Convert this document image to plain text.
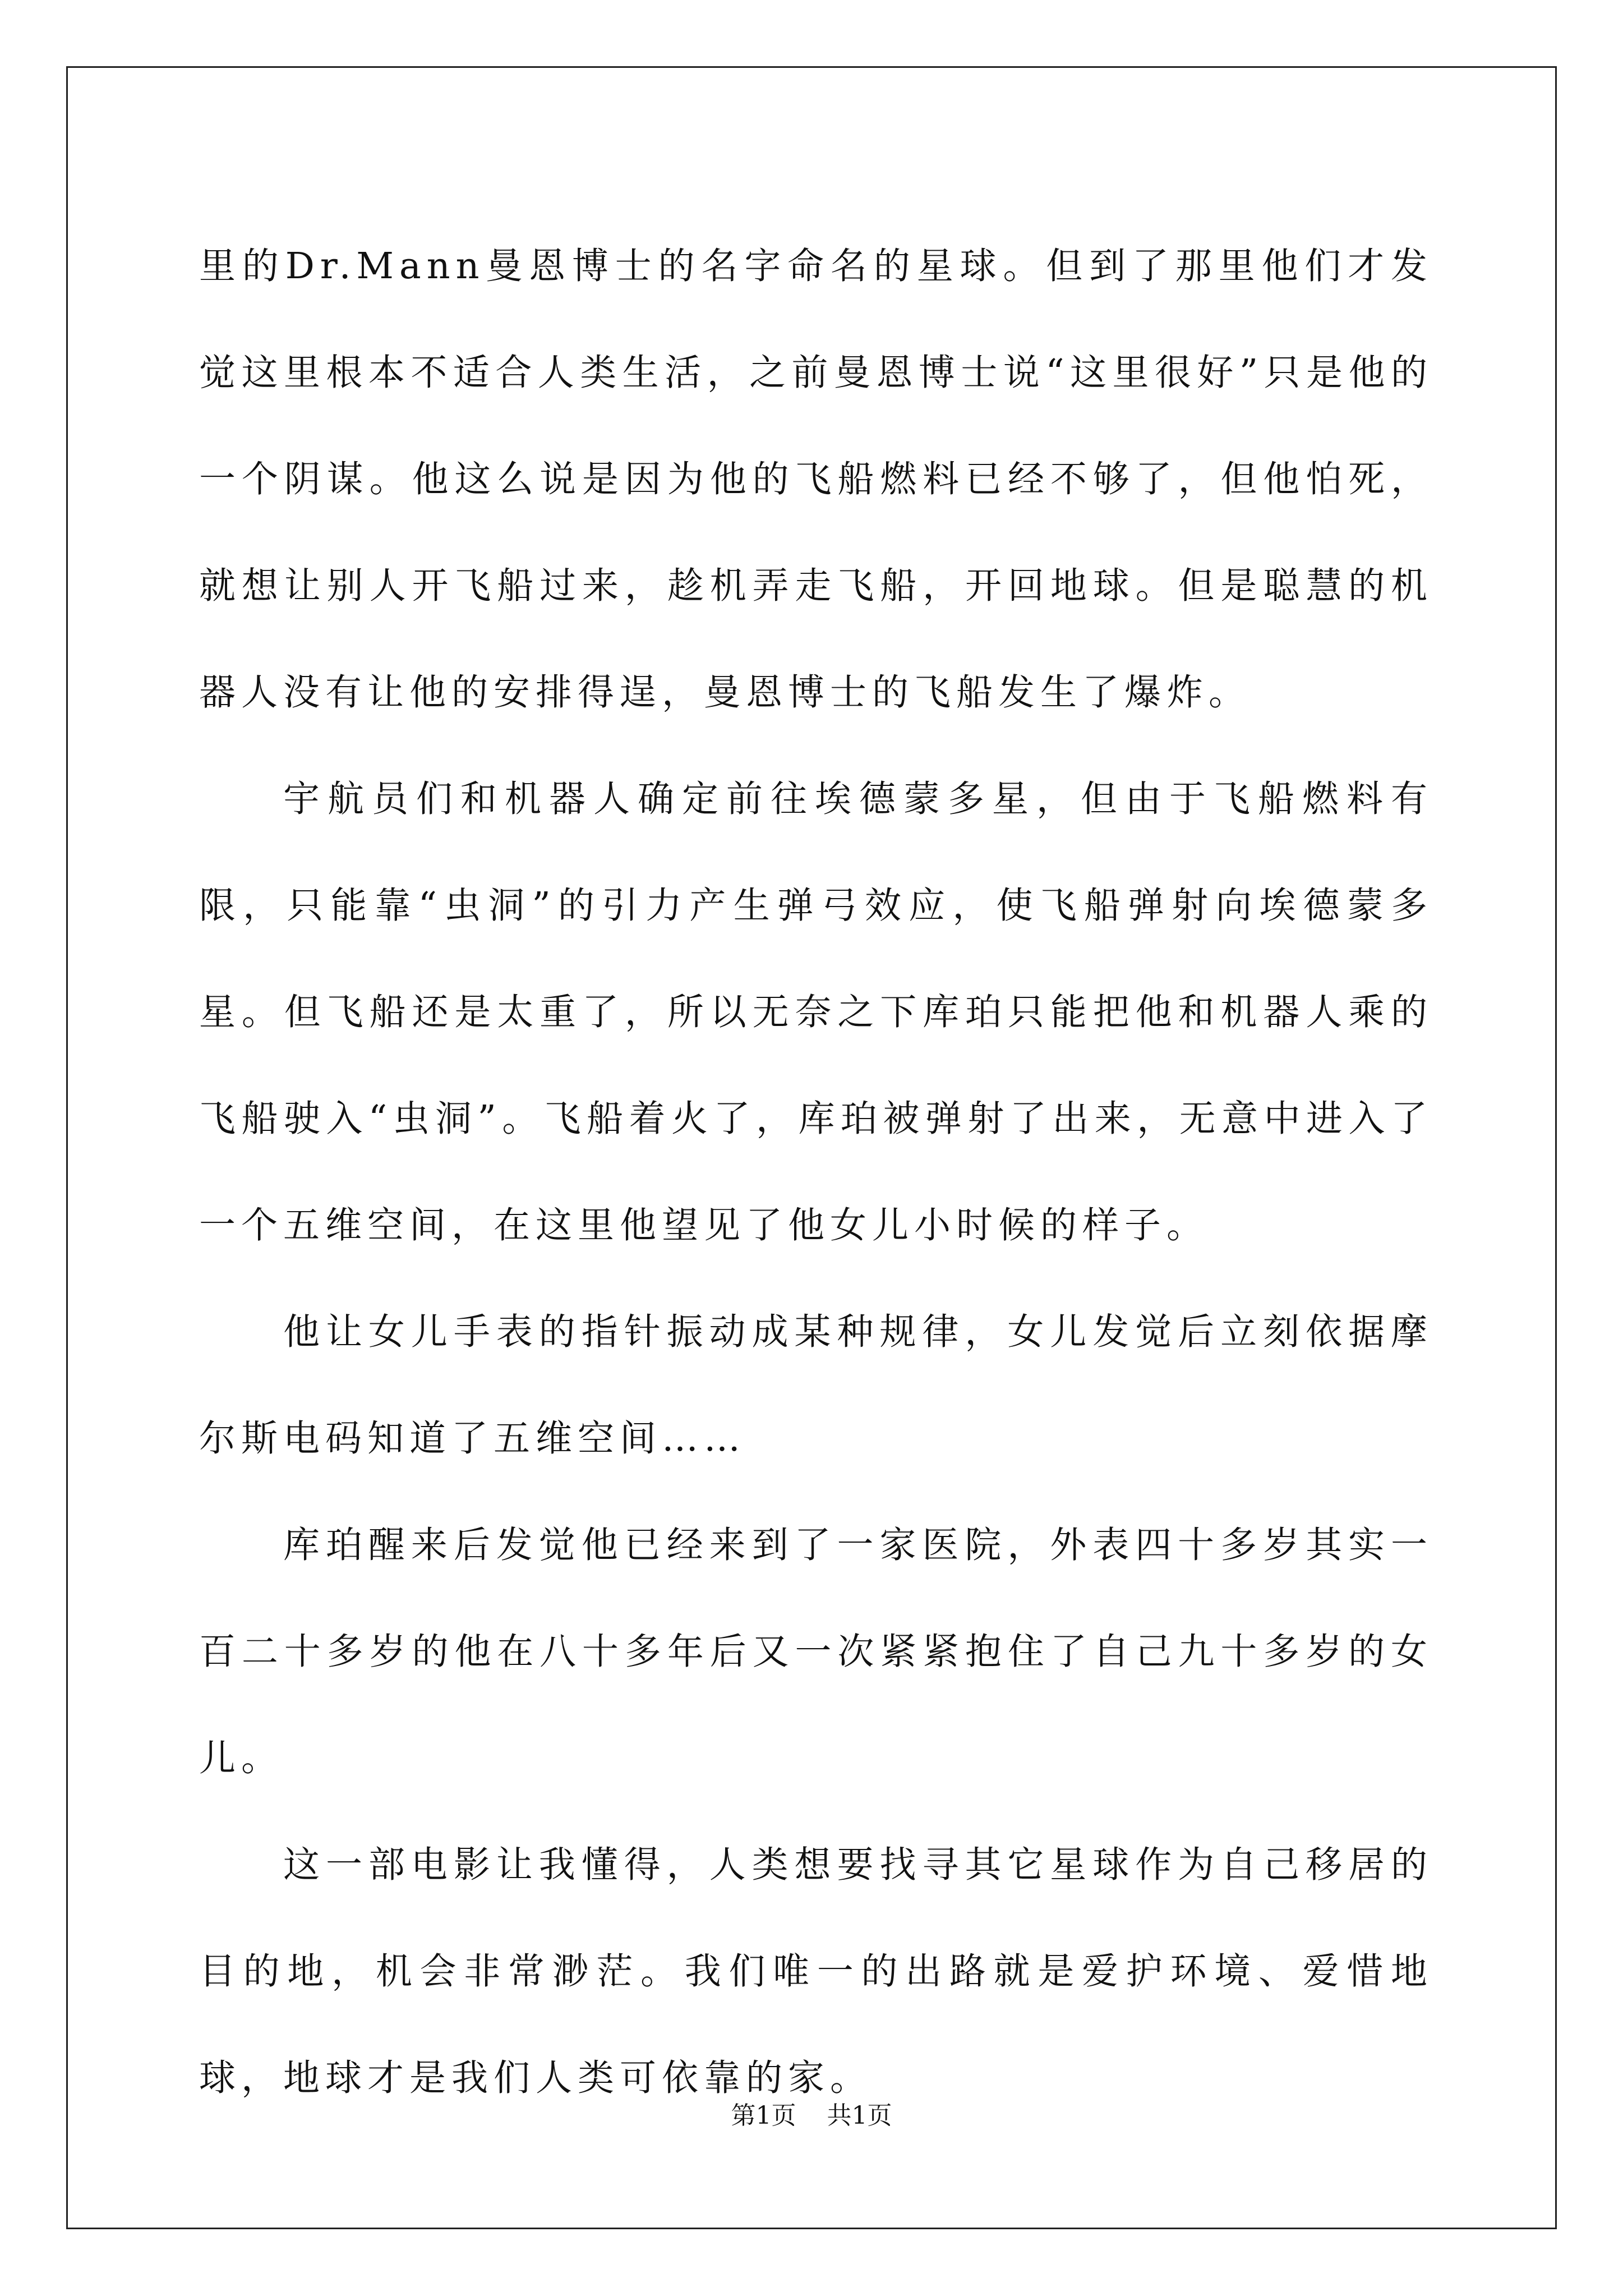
里的Dr.Mann曼恩博士的名字命名的星球。但到了那里他们才发觉这里根本不适合人类生活，之前曼恩博士说“这里很好”只是他的一个阴谋。他这么说是因为他的飞船燃料已经不够了，但他怕死，就想让别人开飞船过来，趁机弄走飞船，开回地球。但是聪慧的机器人没有让他的安排得逞，曼恩博士的飞船发生了爆炸。

宇航员们和机器人确定前往埃德蒙多星，但由于飞船燃料有限，只能靠“虫洞”的引力产生弹弓效应，使飞船弹射向埃德蒙多星。但飞船还是太重了，所以无奈之下库珀只能把他和机器人乘的飞船驶入“虫洞”。飞船着火了，库珀被弹射了出来，无意中进入了一个五维空间，在这里他望见了他女儿小时候的样子。

他让女儿手表的指针振动成某种规律，女儿发觉后立刻依据摩尔斯电码知道了五维空间……

库珀醒来后发觉他已经来到了一家医院，外表四十多岁其实一百二十多岁的他在八十多年后又一次紧紧抱住了自己九十多岁的女儿。

这一部电影让我懂得，人类想要找寻其它星球作为自己移居的目的地，机会非常渺茫。我们唯一的出路就是爱护环境、爱惜地球，地球才是我们人类可依靠的家。

第1页 共1页
